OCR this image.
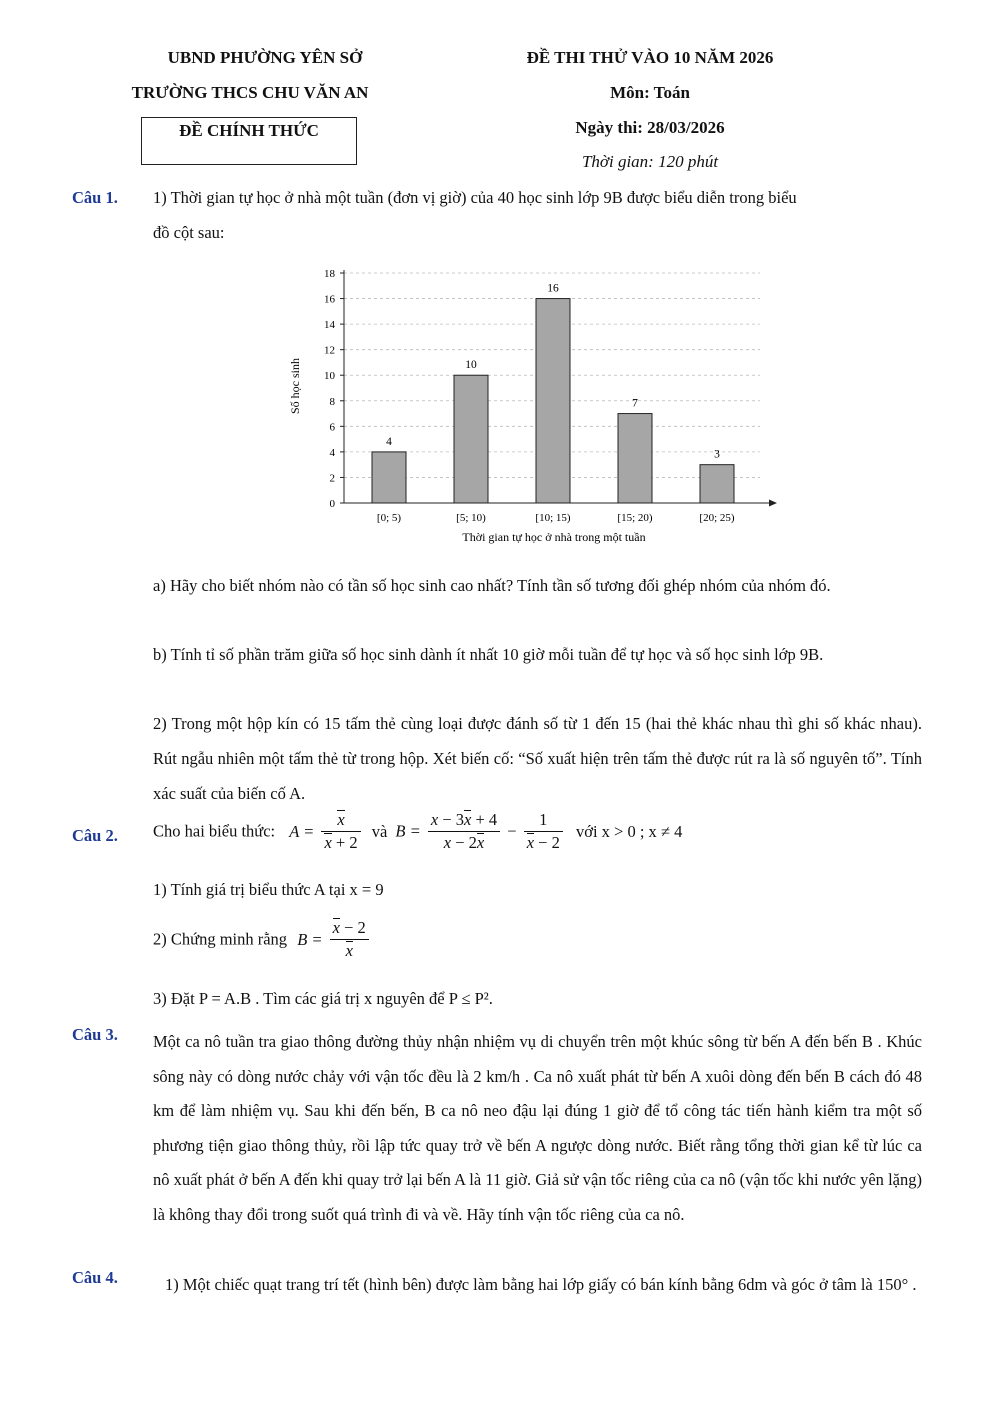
UBND PHƯỜNG YÊN SỞ
TRƯỜNG THCS CHU VĂN AN
ĐỀ CHÍNH THỨC
ĐỀ THI THỬ VÀO 10 NĂM 2026
Môn: Toán
Ngày thi: 28/03/2026
Thời gian: 120 phút
Câu 1. 1) Thời gian tự học ở nhà một tuần (đơn vị giờ) của 40 học sinh lớp 9B được biểu diễn trong biểu
đồ cột sau:
0
2
4
6
8
10
12
14
16
18
4
10
16
7
3
[0; 5)	[5; 10)	[10; 15)	[15; 20)	[20; 25)
Số học sinh
Thời gian tự học ở nhà trong một tuần
a) Hãy cho biết nhóm nào có tần số học sinh cao nhất? Tính tần số tương đối ghép nhóm của nhóm đó.
b) Tính tỉ số phần trăm giữa số học sinh dành ít nhất 10 giờ mỗi tuần để tự học và số học sinh lớp 9B.
2) Trong một hộp kín có 15 tấm thẻ cùng loại được đánh số từ 1 đến 15 (hai thẻ khác nhau thì ghi số khác nhau). Rút ngẫu nhiên một tấm thẻ từ trong hộp. Xét biến cố: “Số xuất hiện trên tấm thẻ được rút ra là số nguyên tố”. Tính xác suất của biến cố A.
Câu 2. Cho hai biểu thức: $A = \frac{x}{x + 2}$ và $B = \frac{x - 3x + 4}{x - 2x} - \frac{1}{x - 2}$ với x > 0 ; x ≠ 4
1) Tính giá trị biểu thức A tại x = 9
2) Chứng minh rằng $B = \frac{x - 2}{x}$
3) Đặt P = A.B . Tìm các giá trị x nguyên để P ≤ P².
Câu 3. Một ca nô tuần tra giao thông đường thủy nhận nhiệm vụ di chuyển trên một khúc sông từ bến A đến bến B . Khúc sông này có dòng nước chảy với vận tốc đều là 2 km/h . Ca nô xuất phát từ bến A xuôi dòng đến bến B cách đó 48 km để làm nhiệm vụ. Sau khi đến bến, B ca nô neo đậu lại đúng 1 giờ để tổ công tác tiến hành kiểm tra một số phương tiện giao thông thủy, rồi lập tức quay trở về bến A ngược dòng nước. Biết rằng tổng thời gian kể từ lúc ca nô xuất phát ở bến A đến khi quay trở lại bến A là 11 giờ. Giả sử vận tốc riêng của ca nô (vận tốc khi nước yên lặng) là không thay đổi trong suốt quá trình đi và về. Hãy tính vận tốc riêng của ca nô.
Câu 4.	1) Một chiếc quạt trang trí tết (hình bên) được làm bằng hai lớp giấy có bán kính bằng 6dm và góc ở tâm là 150° .
